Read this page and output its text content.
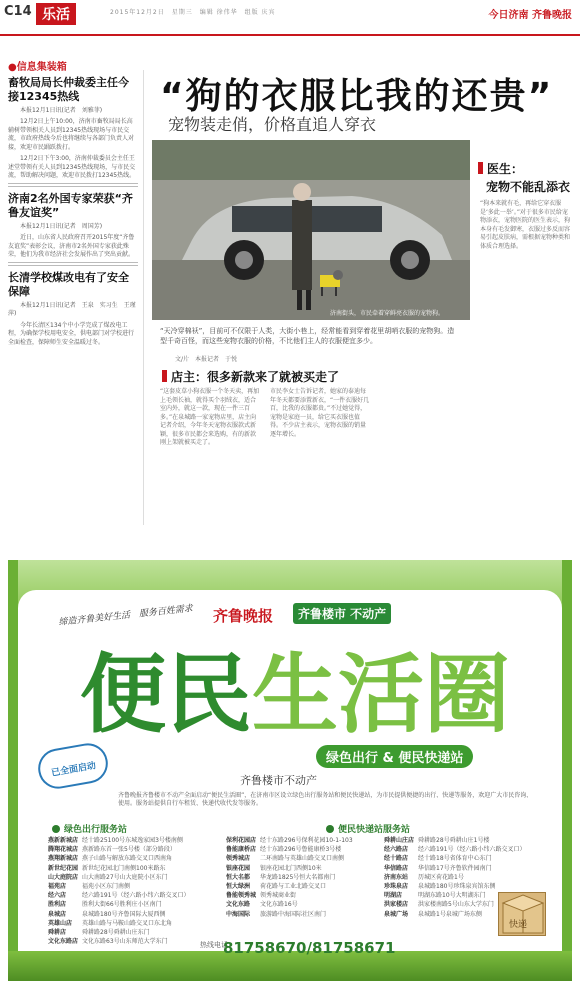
C14 乐活	2015年12月2日　星期三　编辑 徐伟华　组版 庆宾	今日济南 齐鲁晚报
●信息集装箱
畜牧局局长仲裁委主任今接12345热线

本报12月1日讯(记者　刘雅菲)

12月2日上午10:00，济南市畜牧局局长高辅树带领相关人员到12345热线现场与市民交流，市政府热线今后也将继续与各部门负责人对接，欢迎市民踊跃拨打。

12月2日下午3:00，济南仲裁委员会主任王述堂带领有关人员到12345热线现场，与市民交流，帮助解决问题，欢迎市民拨打12345热线。

济南2名外国专家荣获“齐鲁友谊奖”

本报12月1日讯(记者　周国芳)

近日，山东省人民政府召开2015年度“齐鲁友谊奖”表彰会议，济南市2名外国专家获此殊荣，他们为我市经济社会发展作出了突出贡献。

长清学校煤改电有了安全保障

本报12月1日讯(记者　王泉　实习生　王瑾萍)

今年长清区134个中小学完成了煤改电工程，为确保学校用电安全，供电部门对学校进行全面检查，保障师生安全温暖过冬。

“狗的衣服比我的还贵”
宠物装走俏，价格直追人穿衣
济南街头，市民牵着穿鲜亮衣服的宠物狗。
“天冷穿棉袄”，目前可不仅限于人类，大街小巷上，经常能看到穿着花里胡哨衣服的宠物狗。造型千奇百怪，而这些宠物衣服的价格，不比他们主人的衣服便宜多少。
文/片　本报记者　于悦
店主：很多新款来了就被买走了
医生：
宠物不能乱添衣
“这套皮草小狗衣服一个冬天卖，再加上毛领长袖，就得买个羽绒衣，适合室内外，就这一款，现在一件三百多。”在泉城路一家宠物店里，店主向记者介绍，今年冬天宠物衣服款式新颖，很多市民都会来选购，有的新款刚上架就被买走了。
市民李女士告诉记者，她家的泰迪每年冬天都要添置新衣，“一件衣服好几百，比我的衣服都贵。”不过她觉得，宠物是家庭一员，给它买衣服也值得。不少店主表示，宠物衣服的销量逐年增长。
“狗本来就有毛，再给它穿衣服是‘多此一举’。”对于很多市民给宠物添衣，宠物医院的医生表示，狗本身有毛发御寒，衣服过多反而容易引起皮肤病，需根据宠物种类和体质合理选择。
缔造齐鲁美好生活　服务百姓需求 齐鲁晚报	齐鲁楼市 不动产
便民生活圈
绿色出行 & 便民快递站
齐鲁楼市不动产
已全面启动
齐鲁晚报齐鲁楼市不动产全面启动“便民生活圈”，在济南市区设立绿色出行服务站和便民快递站，为市民提供便捷的出行、快递等服务，欢迎广大市民咨询、使用。服务站提供自行车租赁、快递代收代发等服务。
绿色出行服务站	便民快递站服务站
燕新新城店 经十路25100号东城逸家园3号楼南侧
腾翔花城店 燕新路东首一张5号楼（部分路段）
燕翔新城店 燕子山路与解放东路交叉口西南角
新世纪花园 新世纪花园北门南侧100米路东
山大庭院店 山大南路27号山大庭院小区东门
福苑店	福苑小区东门南侧
经六店	经六路191号（经六路小纬六路交叉口）
胜利店	胜利大街66号胜利庄小区南门
泉城店	泉城路180号齐鲁国际大厦西侧
英雄山店	英雄山路与马鞍山路交叉口东北角
舜耕店	舜耕路28号舜耕山庄东门
文化东路店 文化东路63号山东师范大学东门
保利花园店 经十东路296号保利花园10-1-103
鲁能康桥店 经十东路296号鲁能康桥3号楼
领秀城店	二环南路与英雄山路交叉口南侧
银座花园	银座花园北门西侧10米
恒大名都	华龙路1825号恒大名都南门
恒大绿洲	荷花路与工业北路交叉口
鲁能领秀城 领秀城商业街
文化东路	文化东路16号
中海国际	旅游路中海国际社区南门
舜耕山庄店 舜耕路28号舜耕山庄1号楼
经六路店	经六路191号（经六路小纬六路交叉口）
经十路店	经十路18号省体育中心东门
华信路店	华信路17号齐鲁软件园南门
济南东站	历城区荷花路1号
珍珠泉店	泉城路180号珍珠泉宾馆东侧
明湖店	明湖东路10号大明湖东门
洪家楼店	洪家楼南路5号山东大学东门
泉城广场	泉城路1号泉城广场东侧
热线电话
81758670/81758671
快递
